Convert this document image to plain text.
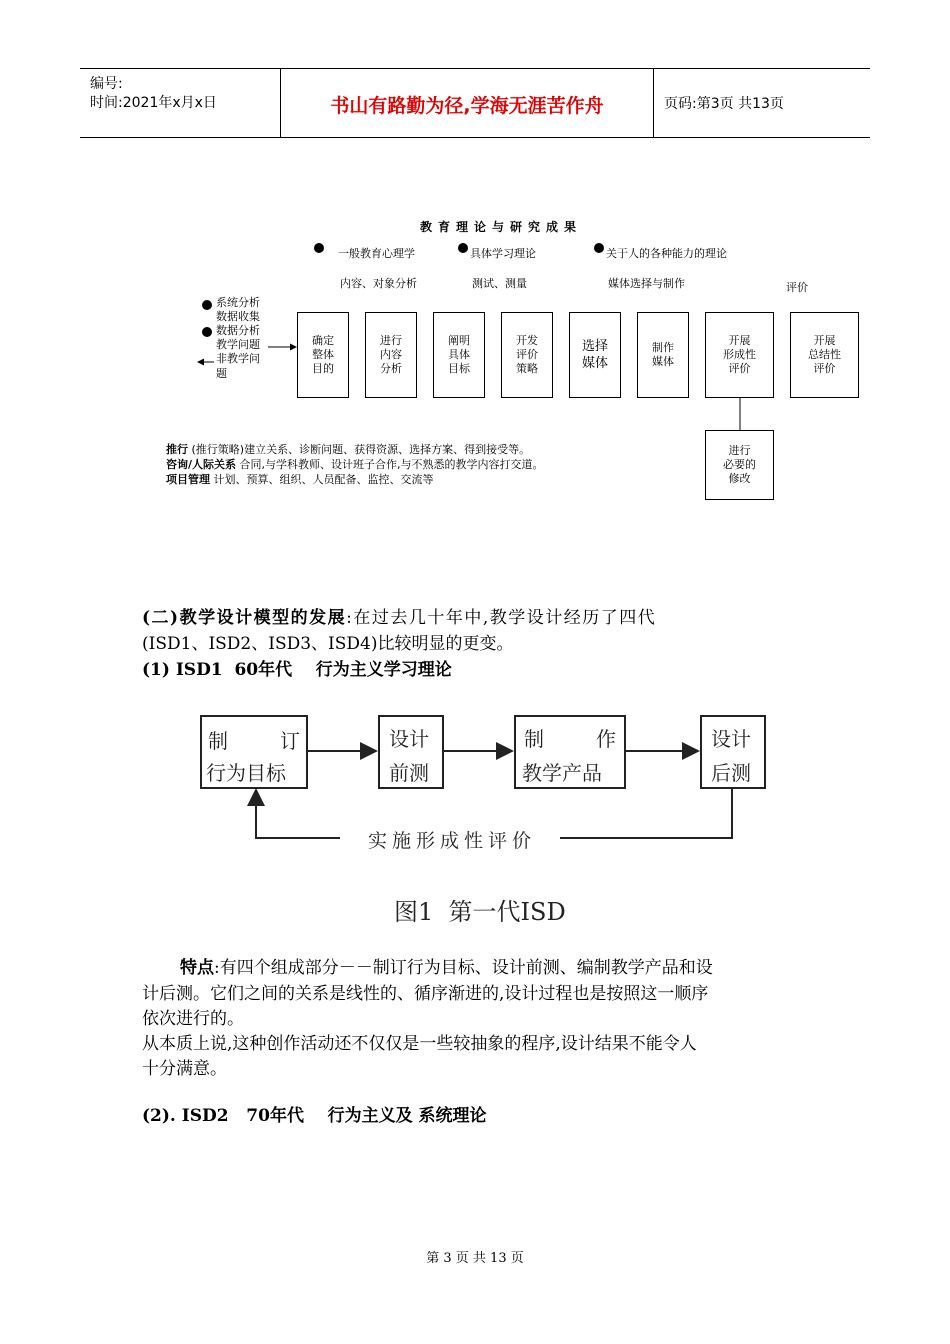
编号:
时间:2021年x月x日	书山有路勤为径,学海无涯苦作舟	页码:第3页 共13页
教育理论与研究成果
一般教育心理学	具体学习理论	关于人的各种能力的理论
内容、对象分析	测试、测量	媒体选择与制作	评价
系统分析
数据收集
数据分析
教学问题
非教学问题
确定
整体
目的
进行
内容
分析
阐明
具体
目标
开发
评价
策略
选择
媒体
制作
媒体
开展
形成性
评价
开展
总结性
评价
进行
必要的
修改
推行 (推行策略)建立关系、诊断问题、获得资源、选择方案、得到接受等。
咨询/人际关系 合同,与学科教师、设计班子合作,与不熟悉的教学内容打交道。
项目管理 计划、预算、组织、人员配备、监控、交流等
(二)教学设计模型的发展:在过去几十年中,教学设计经历了四代
(ISD1、ISD2、ISD3、ISD4)比较明显的更变。
(1) ISD1  60年代    行为主义学习理论
制	订
行为目标
设计
前测
制	作
教学产品
设计
后测
实施形成性评价
图1  第一代ISD
特点:有四个组成部分－－制订行为目标、设计前测、编制教学产品和设
计后测。它们之间的关系是线性的、循序渐进的,设计过程也是按照这一顺序
依次进行的。
从本质上说,这种创作活动还不仅仅是一些较抽象的程序,设计结果不能令人
十分满意。
(2). ISD2   70年代    行为主义及 系统理论
第 3 页 共 13 页
